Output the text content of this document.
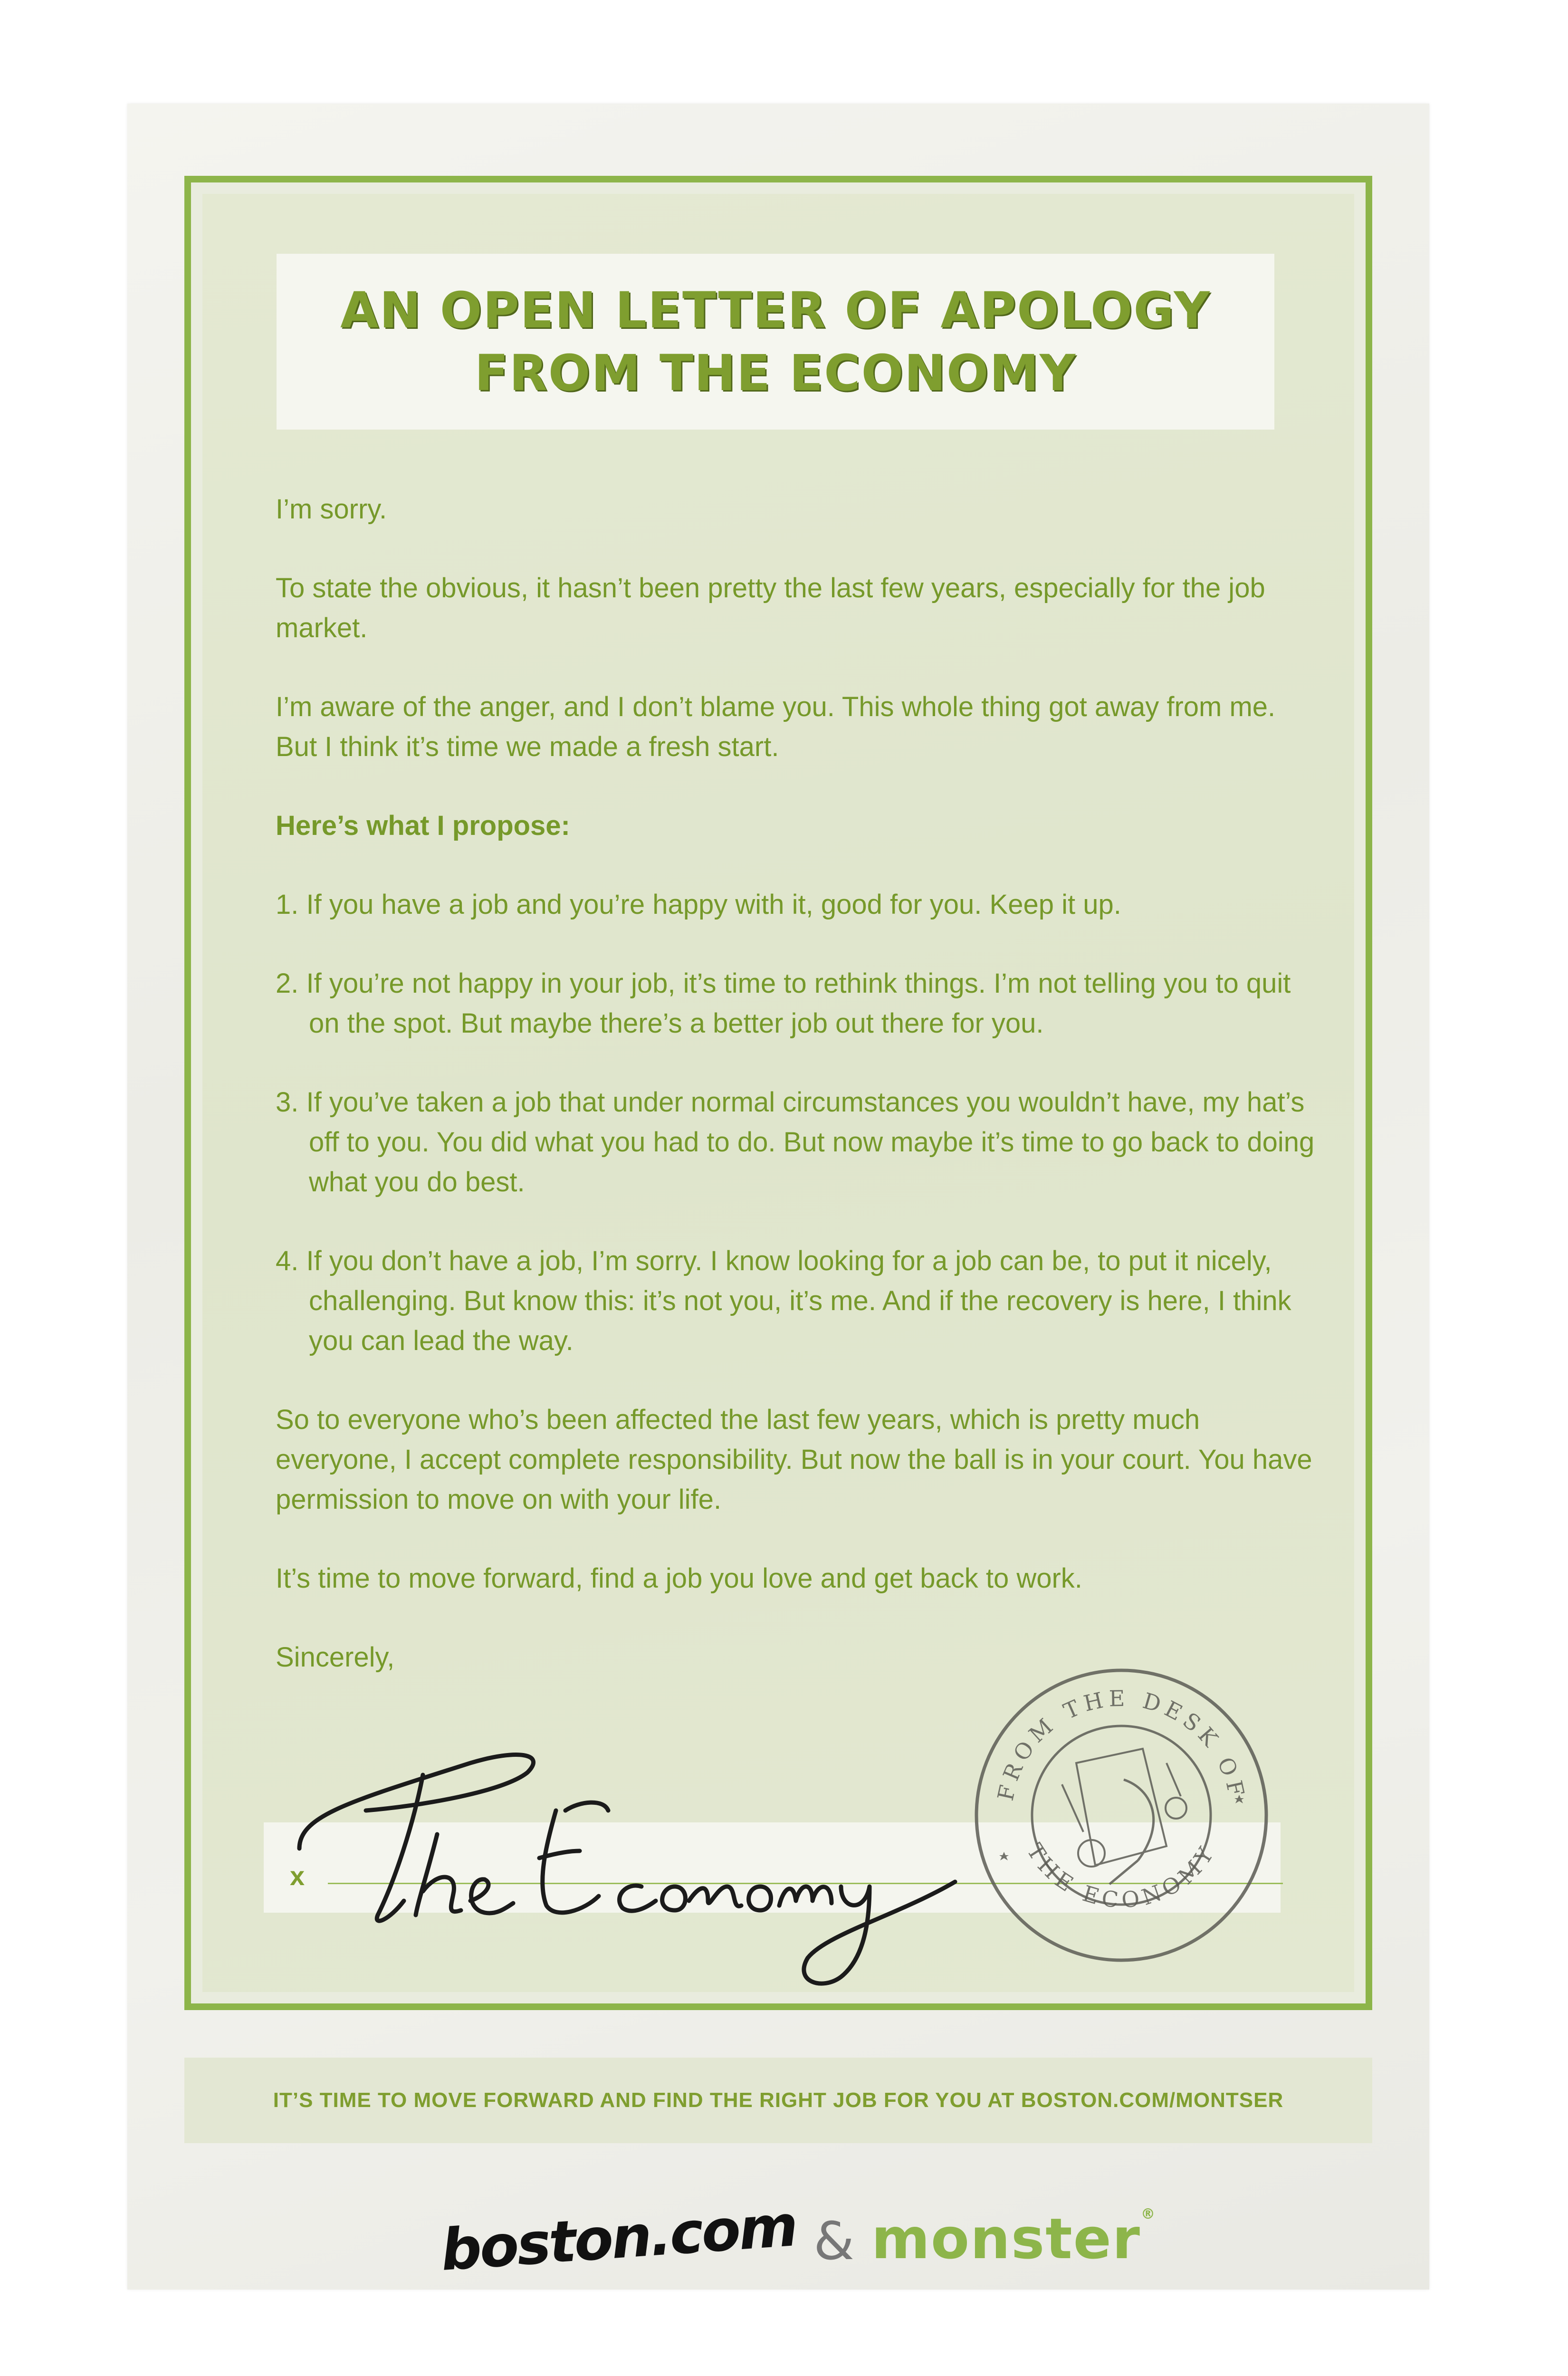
AN OPEN LETTER OF APOLOGY
FROM THE ECONOMY

I’m sorry.

To state the obvious, it hasn’t been pretty the last few years, especially for the job market.

I’m aware of the anger, and I don’t blame you. This whole thing got away from me. But I think it’s time we made a fresh start.

Here’s what I propose:

1. If you have a job and you’re happy with it, good for you. Keep it up.
2. If you’re not happy in your job, it’s time to rethink things. I’m not telling you to quit on the spot. But maybe there’s a better job out there for you.
3. If you’ve taken a job that under normal circumstances you wouldn’t have, my hat’s off to you. You did what you had to do. But now maybe it’s time to go back to doing what you do best.
4. If you don’t have a job, I’m sorry. I know looking for a job can be, to put it nicely, challenging. But know this: it’s not you, it’s me. And if the recovery is here, I think you can lead the way.

So to everyone who’s been affected the last few years, which is pretty much everyone, I accept complete responsibility. But now the ball is in your court. You have permission to move on with your life.

It’s time to move forward, find a job you love and get back to work.

Sincerely,

x
FROM THE DESK OF
THE ECONOMY
IT’S TIME TO MOVE FORWARD AND FIND THE RIGHT JOB FOR YOU AT BOSTON.COM/MONTSER
boston.com & monster®
